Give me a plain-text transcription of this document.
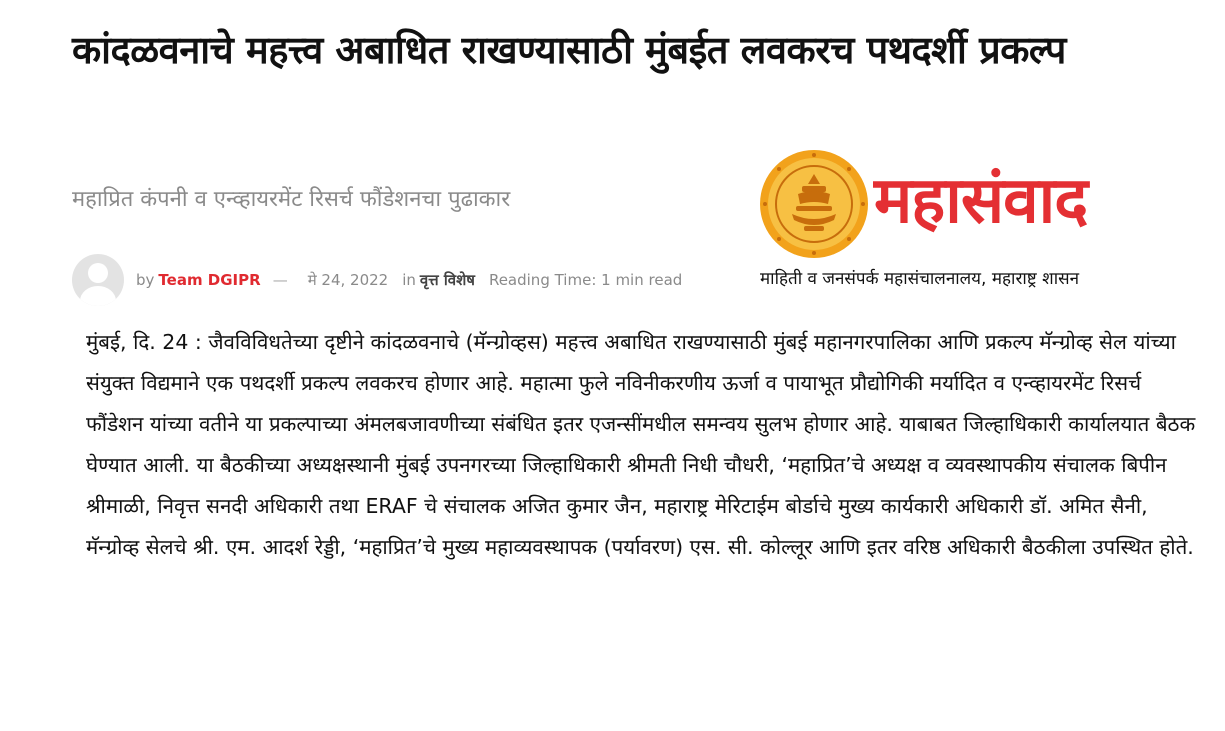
कांदळवनाचे महत्त्व अबाधित राखण्यासाठी मुंबईत लवकरच पथदर्शी प्रकल्प

महाप्रित कंपनी व एन्व्हायरमेंट रिसर्च फौंडेशनचा पुढाकार

by Team DGIPR — मे 24, 2022 in वृत्त विशेष Reading Time: 1 min read
महासंवाद
माहिती व जनसंपर्क महासंचालनालय, महाराष्ट्र शासन

मुंबई, दि. 24 : जैवविविधतेच्या दृष्टीने कांदळवनाचे (मॅन्ग्रोव्हस) महत्त्व अबाधित राखण्यासाठी मुंबई महानगरपालिका आणि प्रकल्प मॅन्ग्रोव्ह सेल यांच्या संयुक्त विद्यमाने एक पथदर्शी प्रकल्प लवकरच होणार आहे. महात्मा फुले नविनीकरणीय ऊर्जा व पायाभूत प्रौद्योगिकी मर्यादित व एन्व्हायरमेंट रिसर्च फौंडेशन यांच्या वतीने या प्रकल्पाच्या अंमलबजावणीच्या संबंधित इतर एजन्सींमधील समन्वय सुलभ होणार आहे. याबाबत जिल्हाधिकारी कार्यालयात बैठक घेण्यात आली. या बैठकीच्या अध्यक्षस्थानी मुंबई उपनगरच्या जिल्हाधिकारी श्रीमती निधी चौधरी, ‘महाप्रित’चे अध्यक्ष व व्यवस्थापकीय संचालक बिपीन श्रीमाळी, निवृत्त सनदी अधिकारी तथा ERAF चे संचालक अजित कुमार जैन, महाराष्ट्र मेरिटाईम बोर्डाचे मुख्य कार्यकारी अधिकारी डॉ. अमित सैनी, मॅन्ग्रोव्ह सेलचे श्री. एम. आदर्श रेड्डी, ‘महाप्रित’चे मुख्य महाव्यवस्थापक (पर्यावरण) एस. सी. कोल्लूर आणि इतर वरिष्ठ अधिकारी बैठकीला उपस्थित होते.
